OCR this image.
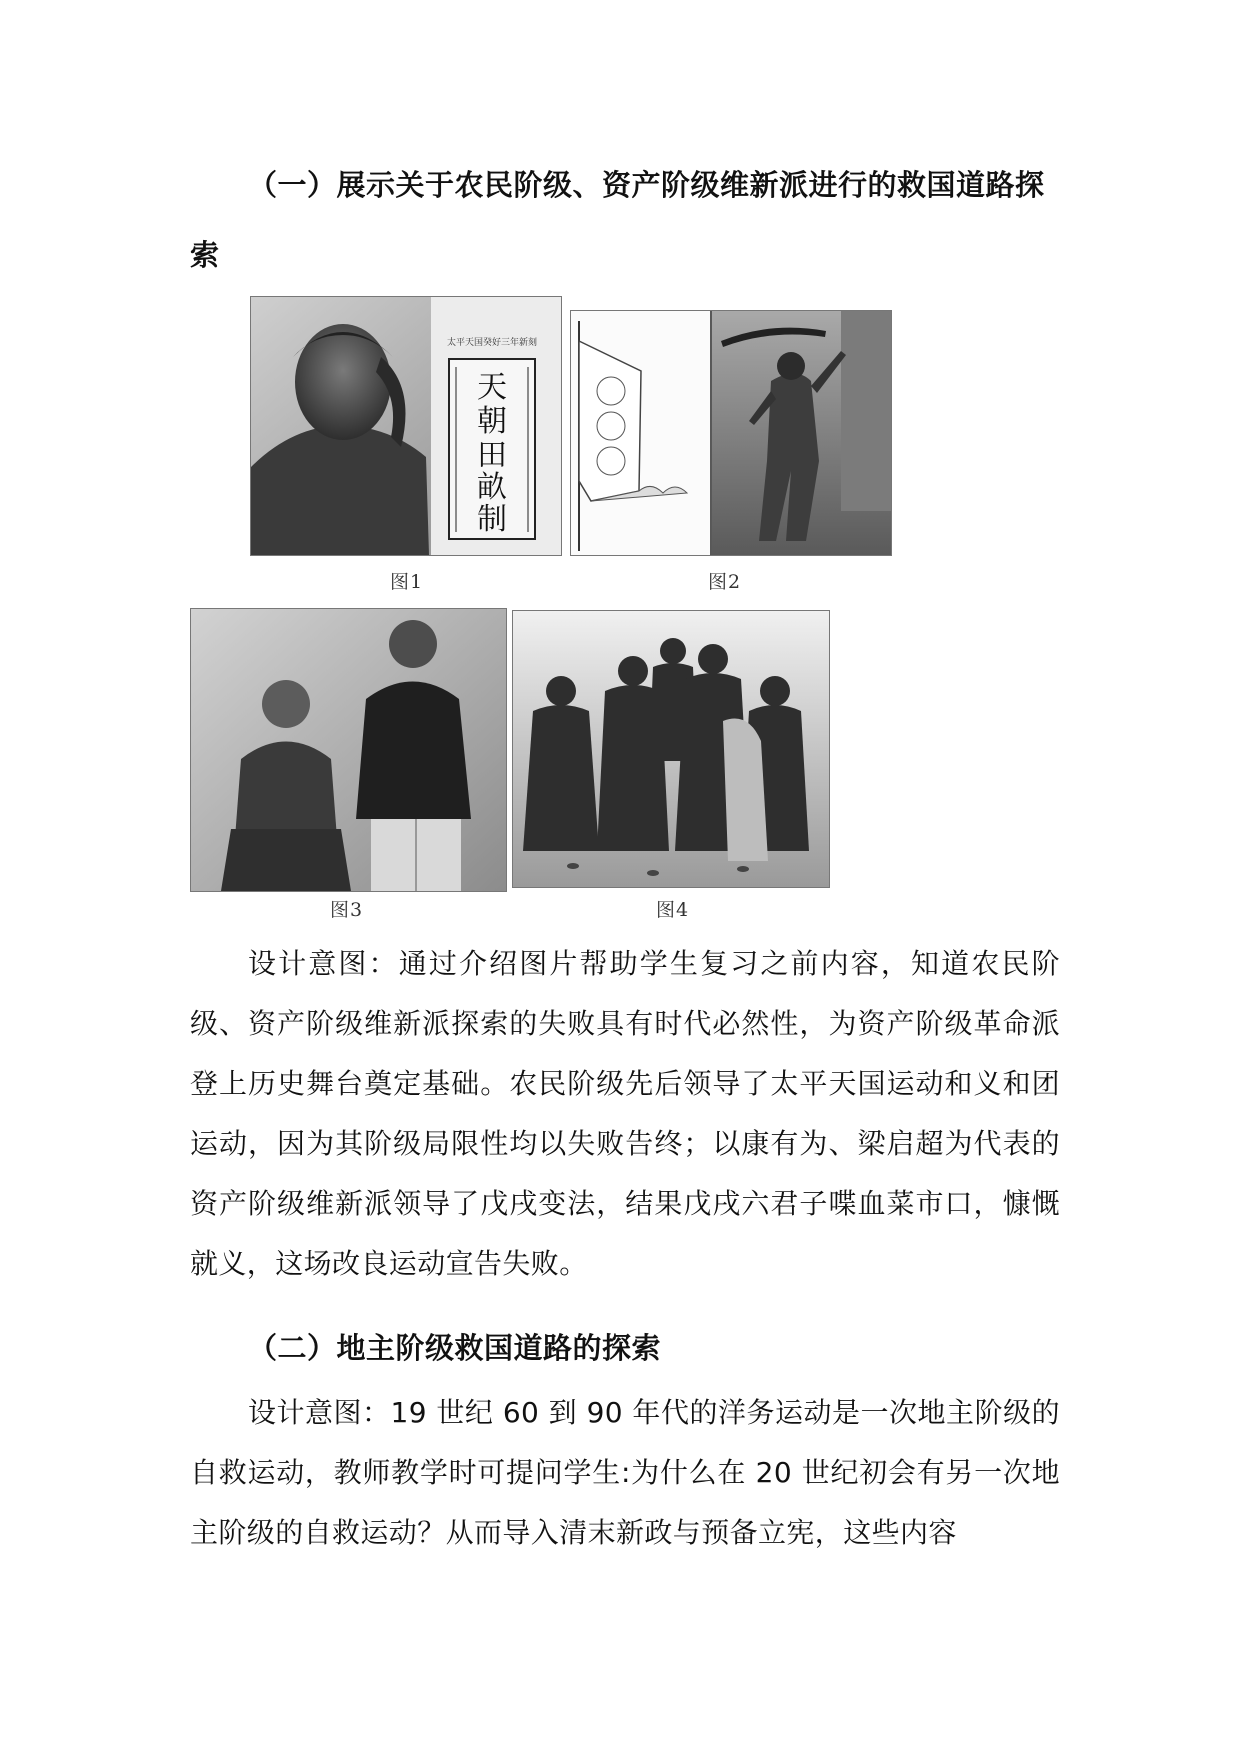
（一）展示关于农民阶级、资产阶级维新派进行的救国道路探索

太平天国癸好三年新刻
天
朝
田
畝
制
图1	图2
图3	图4

设计意图：通过介绍图片帮助学生复习之前内容，知道农民阶级、资产阶级维新派探索的失败具有时代必然性，为资产阶级革命派登上历史舞台奠定基础。农民阶级先后领导了太平天国运动和义和团运动，因为其阶级局限性均以失败告终；以康有为、梁启超为代表的资产阶级维新派领导了戊戌变法，结果戊戌六君子喋血菜市口，慷慨就义，这场改良运动宣告失败。

（二）地主阶级救国道路的探索

设计意图：19 世纪 60 到 90 年代的洋务运动是一次地主阶级的自救运动，教师教学时可提问学生:为什么在 20 世纪初会有另一次地主阶级的自救运动？从而导入清末新政与预备立宪，这些内容
